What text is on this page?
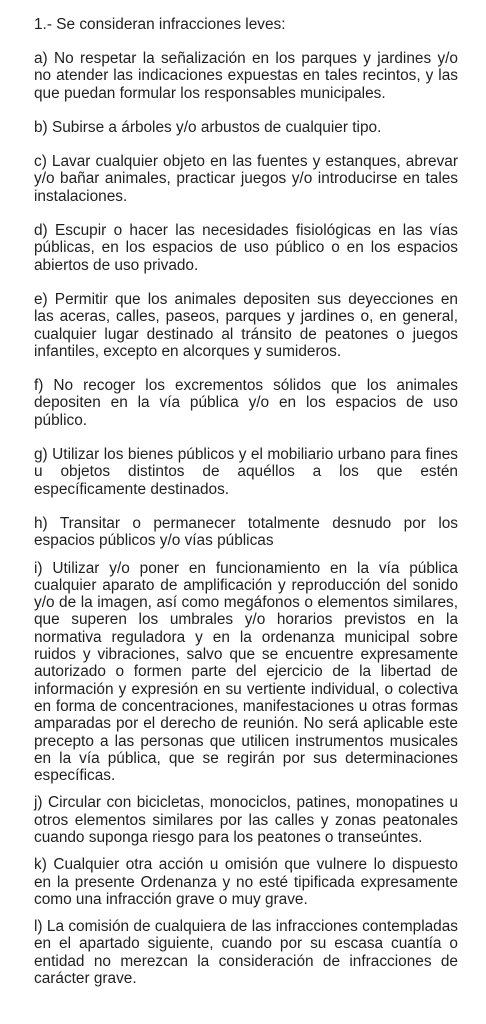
1.- Se consideran infracciones leves:

a) No respetar la señalización en los parques y jardines y/o no atender las indicaciones expuestas en tales recintos, y las que puedan formular los responsables municipales.

b) Subirse a árboles y/o arbustos de cualquier tipo.

c) Lavar cualquier objeto en las fuentes y estanques, abrevar y/o bañar animales, practicar juegos y/o introducirse en tales instalaciones.

d) Escupir o hacer las necesidades fisiológicas en las vías públicas, en los espacios de uso público o en los espacios abiertos de uso privado.

e) Permitir que los animales depositen sus deyecciones en las aceras, calles, paseos, parques y jardines o, en general, cualquier lugar destinado al tránsito de peatones o juegos infantiles, excepto en alcorques y sumideros.

f) No recoger los excrementos sólidos que los animales depositen en la vía pública y/o en los espacios de uso público.

g) Utilizar los bienes públicos y el mobiliario urbano para fines u objetos distintos de aquéllos a los que estén específicamente destinados.

h) Transitar o permanecer totalmente desnudo por los espacios públicos y/o vías públicas

i) Utilizar y/o poner en funcionamiento en la vía pública cualquier aparato de amplificación y reproducción del sonido y/o de la imagen, así como megáfonos o elementos similares, que superen los umbrales y/o horarios previstos en la normativa reguladora y en la ordenanza municipal sobre ruidos y vibraciones, salvo que se encuentre expresamente autorizado o formen parte del ejercicio de la libertad de información y expresión en su vertiente individual, o colectiva en forma de concentraciones, manifestaciones u otras formas amparadas por el derecho de reunión. No será aplicable este precepto a las personas que utilicen instrumentos musicales en la vía pública, que se regirán por sus determinaciones específicas.

j) Circular con bicicletas, monociclos, patines, monopatines u otros elementos similares por las calles y zonas peatonales cuando suponga riesgo para los peatones o transeúntes.

k) Cualquier otra acción u omisión que vulnere lo dispuesto en la presente Ordenanza y no esté tipificada expresamente como una infracción grave o muy grave.

l) La comisión de cualquiera de las infracciones contempladas en el apartado siguiente, cuando por su escasa cuantía o entidad no merezcan la consideración de infracciones de carácter grave.
